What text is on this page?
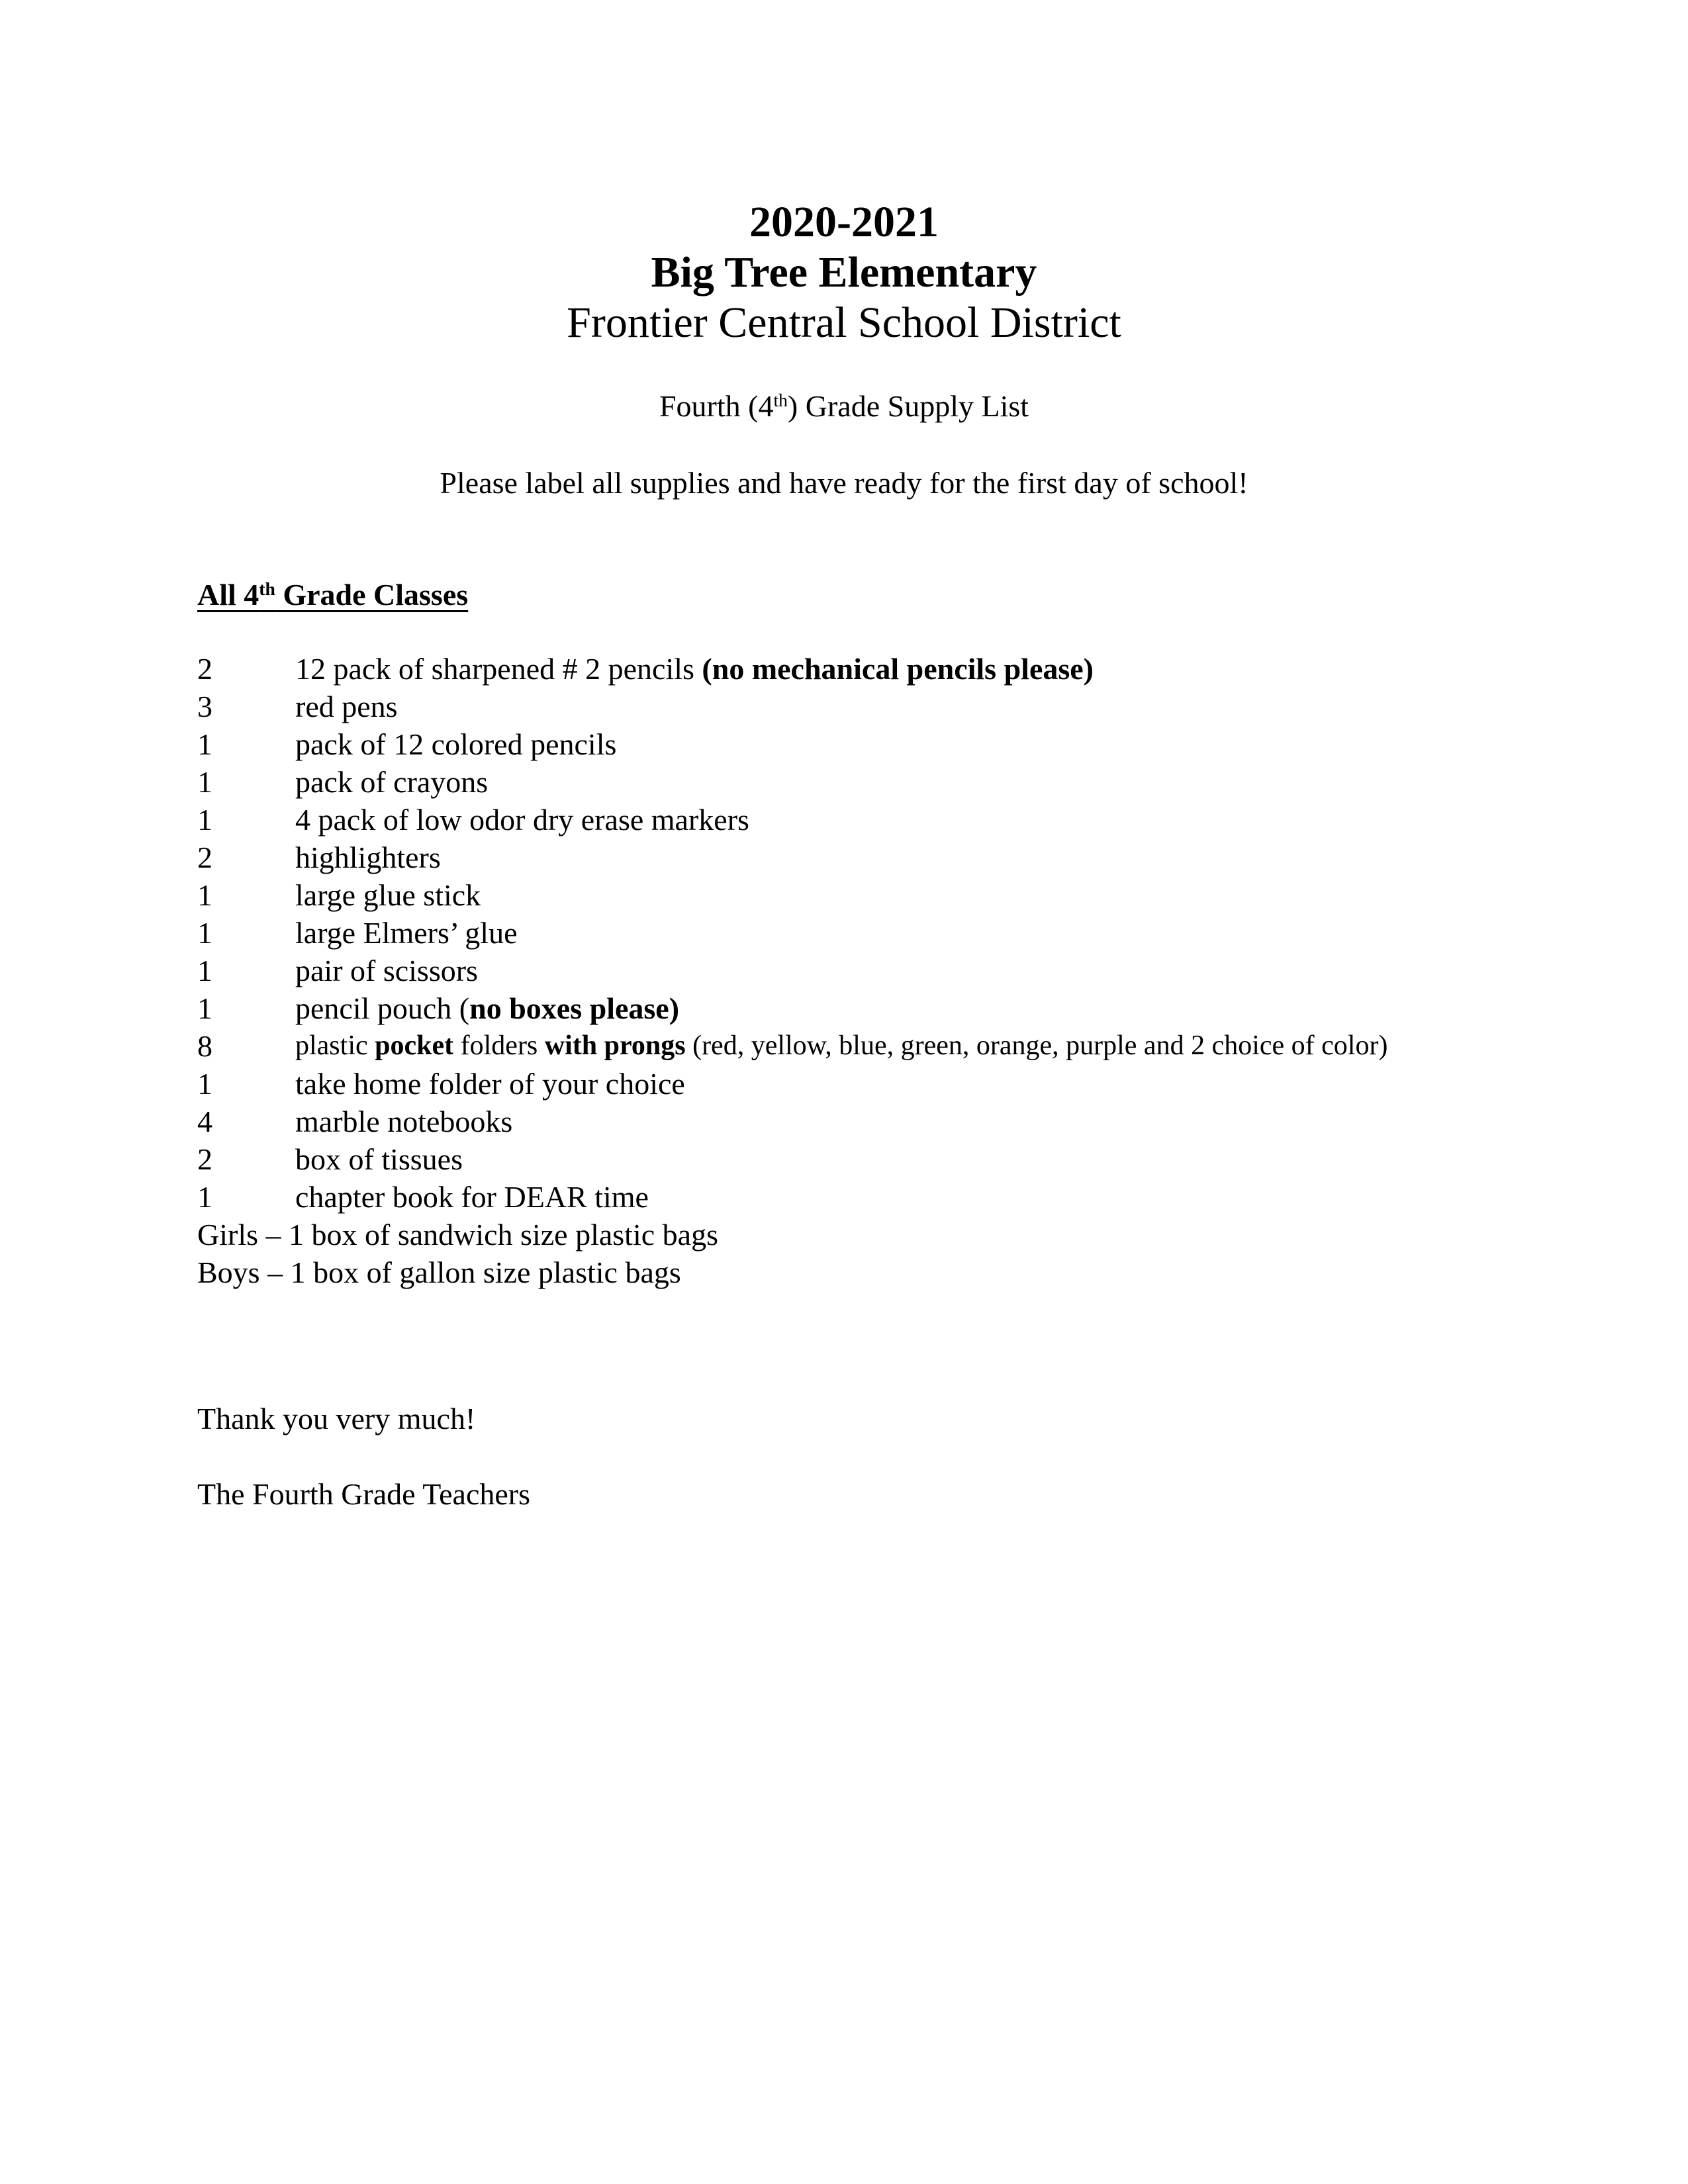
2020-2021
Big Tree Elementary
Frontier Central School District
Fourth (4th) Grade Supply List
Please label all supplies and have ready for the first day of school!
All 4th Grade Classes
2	12 pack of sharpened # 2 pencils (no mechanical pencils please)
3	red pens
1	pack of 12 colored pencils
1	pack of crayons
1	4 pack of low odor dry erase markers
2	highlighters
1	large glue stick
1	large Elmers’ glue
1	pair of scissors
1	pencil pouch (no boxes please)
8	plastic pocket folders with prongs (red, yellow, blue, green, orange, purple and 2 choice of color)
1	take home folder of your choice
4	marble notebooks
2	box of tissues
1	chapter book for DEAR time
Girls – 1 box of sandwich size plastic bags
Boys – 1 box of gallon size plastic bags
Thank you very much!
The Fourth Grade Teachers
